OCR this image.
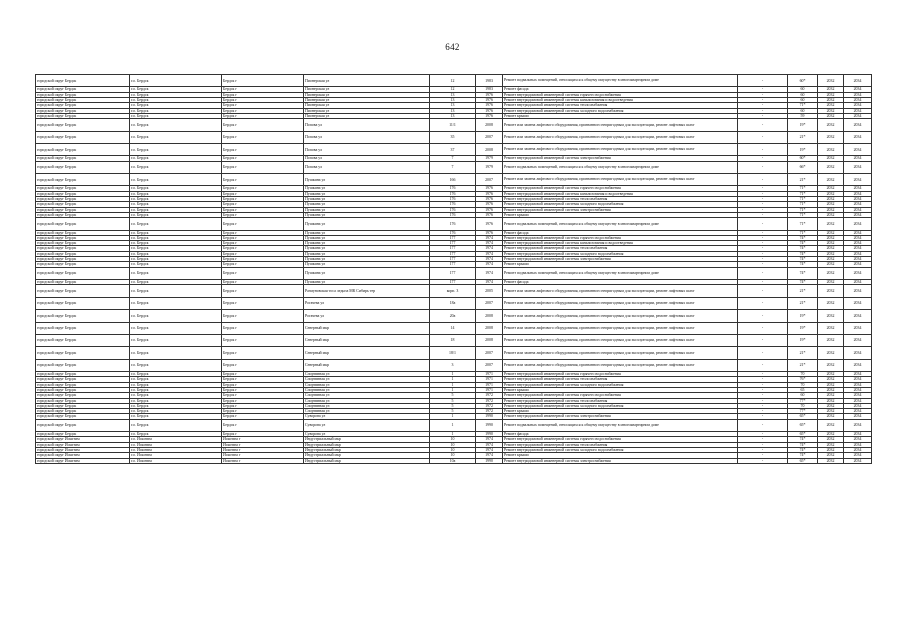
642
городской округ Бердск	г.о. Бердск	Бердск г	Пионерская ул	12	1983	Ремонт подвальных помещений, относящихся к общему имуществу в многоквартирном доме	-	60*	2032	2034
городской округ Бердск	г.о. Бердск	Бердск г	Пионерская ул	12	1983	Ремонт фасада	-	60	2032	2034
городской округ Бердск	г.о. Бердск	Бердск г	Пионерская ул	13	1976	Ремонт внутридомовой инженерной системы горячего водоснабжения	-	60	2032	2034
городской округ Бердск	г.о. Бердск	Бердск г	Пионерская ул	13	1976	Ремонт внутридомовой инженерной системы канализования и водоотведения	-	60	2032	2034
городской округ Бердск	г.о. Бердск	Бердск г	Пионерская ул	13	1976	Ремонт внутридомовой инженерной системы теплоснабжения	-	71*	2032	2034
городской округ Бердск	г.о. Бердск	Бердск г	Пионерская ул	13	1976	Ремонт внутридомовой инженерной системы холодного водоснабжения	-	60	2032	2034
городской округ Бердск	г.о. Бердск	Бердск г	Пионерская ул	13	1976	Ремонт крыши	-	59	2032	2034
городской округ Бердск	г.о. Бердск	Бердск г	Попова ул	11/1	2008	Ремонт или замена лифтового оборудования, признанного непригодным для эксплуатации, ремонт лифтовых шахт	-	19*	2032	2034
городской округ Бердск	г.о. Бердск	Бердск г	Попова ул	35	2007	Ремонт или замена лифтового оборудования, признанного непригодным для эксплуатации, ремонт лифтовых шахт	-	21*	2032	2034
городской округ Бердск	г.о. Бердск	Бердск г	Попова ул	37	2008	Ремонт или замена лифтового оборудования, признанного непригодным для эксплуатации, ремонт лифтовых шахт	-	19*	2032	2034
городской округ Бердск	г.о. Бердск	Бердск г	Попова ул	7	1979	Ремонт внутридомовой инженерной системы электроснабжения	-	60*	2032	2034
городской округ Бердск	г.о. Бердск	Бердск г	Попова ул	7	1979	Ремонт подвальных помещений, относящихся к общему имуществу в многоквартирном доме	-	66*	2032	2034
городской округ Бердск	г.о. Бердск	Бердск г	Пушкина ул	166	2007	Ремонт или замена лифтового оборудования, признанного непригодным для эксплуатации, ремонт лифтовых шахт	-	21*	2032	2034
городской округ Бердск	г.о. Бердск	Бердск г	Пушкина ул	176	1976	Ремонт внутридомовой инженерной системы горячего водоснабжения	-	71*	2032	2034
городской округ Бердск	г.о. Бердск	Бердск г	Пушкина ул	176	1976	Ремонт внутридомовой инженерной системы канализования и водоотведения	-	71*	2032	2034
городской округ Бердск	г.о. Бердск	Бердск г	Пушкина ул	176	1976	Ремонт внутридомовой инженерной системы теплоснабжения	-	71*	2032	2034
городской округ Бердск	г.о. Бердск	Бердск г	Пушкина ул	176	1976	Ремонт внутридомовой инженерной системы холодного водоснабжения	-	71*	2032	2034
городской округ Бердск	г.о. Бердск	Бердск г	Пушкина ул	176	1976	Ремонт внутридомовой инженерной системы электроснабжения	-	71*	2032	2034
городской округ Бердск	г.о. Бердск	Бердск г	Пушкина ул	176	1976	Ремонт крыши	-	71*	2032	2034
городской округ Бердск	г.о. Бердск	Бердск г	Пушкина ул	176	1976	Ремонт подвальных помещений, относящихся к общему имуществу в многоквартирном доме	-	71*	2032	2034
городской округ Бердск	г.о. Бердск	Бердск г	Пушкина ул	176	1976	Ремонт фасада	-	71*	2032	2034
городской округ Бердск	г.о. Бердск	Бердск г	Пушкина ул	177	1974	Ремонт внутридомовой инженерной системы горячего водоснабжения	-	74*	2032	2034
городской округ Бердск	г.о. Бердск	Бердск г	Пушкина ул	177	1974	Ремонт внутридомовой инженерной системы канализования и водоотведения	-	74*	2032	2034
городской округ Бердск	г.о. Бердск	Бердск г	Пушкина ул	177	1974	Ремонт внутридомовой инженерной системы теплоснабжения	-	74*	2032	2034
городской округ Бердск	г.о. Бердск	Бердск г	Пушкина ул	177	1974	Ремонт внутридомовой инженерной системы холодного водоснабжения	-	74*	2032	2034
городской округ Бердск	г.о. Бердск	Бердск г	Пушкина ул	177	1974	Ремонт внутридомовой инженерной системы электроснабжения	-	74*	2032	2034
городской округ Бердск	г.о. Бердск	Бердск г	Пушкина ул	177	1974	Ремонт крыши	-	74*	2032	2034
городской округ Бердск	г.о. Бердск	Бердск г	Пушкина ул	177	1974	Ремонт подвальных помещений, относящихся к общему имуществу в многоквартирном доме	-	74*	2032	2034
городской округ Бердск	г.о. Бердск	Бердск г	Пушкина ул	177	1974	Ремонт фасада	-	74*	2032	2034
городской округ Бердск	г.о. Бердск	Бердск г	Размуновская тоса ледыза МК Сибирь тер	корп. 3	2005	Ремонт или замена лифтового оборудования, признанного непригодным для эксплуатации, ремонт лифтовых шахт	-	21*	2032	2034
городской округ Бердск	г.о. Бердск	Бердск г	Рогачева ул	18а	2007	Ремонт или замена лифтового оборудования, признанного непригодным для эксплуатации, ремонт лифтовых шахт	-	21*	2032	2034
городской округ Бердск	г.о. Бердск	Бердск г	Рогачева ул	20а	2008	Ремонт или замена лифтового оборудования, признанного непригодным для эксплуатации, ремонт лифтовых шахт	-	19*	2032	2034
городской округ Бердск	г.о. Бердск	Бердск г	Северный мкр	14	2008	Ремонт или замена лифтового оборудования, признанного непригодным для эксплуатации, ремонт лифтовых шахт	-	19*	2032	2034
городской округ Бердск	г.о. Бердск	Бердск г	Северный мкр	18	2008	Ремонт или замена лифтового оборудования, признанного непригодным для эксплуатации, ремонт лифтовых шахт	-	19*	2032	2034
городской округ Бердск	г.о. Бердск	Бердск г	Северный мкр	18/1	2007	Ремонт или замена лифтового оборудования, признанного непригодным для эксплуатации, ремонт лифтовых шахт	-	21*	2032	2034
городской округ Бердск	г.о. Бердск	Бердск г	Северный мкр	3	2007	Ремонт или замена лифтового оборудования, признанного непригодным для эксплуатации, ремонт лифтовых шахт	-	21*	2032	2034
городской округ Бердск	г.о. Бердск	Бердск г	Спортивная ул	1	1971	Ремонт внутридомовой инженерной системы горячего водоснабжения	-	70	2032	2034
городской округ Бердск	г.о. Бердск	Бердск г	Спортивная ул	1	1971	Ремонт внутридомовой инженерной системы теплоснабжения	-	76*	2032	2034
городской округ Бердск	г.о. Бердск	Бердск г	Спортивная ул	1	1971	Ремонт внутридомовой инженерной системы холодного водоснабжения	-	70	2032	2034
городской округ Бердск	г.о. Бердск	Бердск г	Спортивная ул	1	1971	Ремонт крыши	-	65	2032	2034
городской округ Бердск	г.о. Бердск	Бердск г	Спортивная ул	5	1972	Ремонт внутридомовой инженерной системы горячего водоснабжения	-	60	2032	2034
городской округ Бердск	г.о. Бердск	Бердск г	Спортивная ул	5	1972	Ремонт внутридомовой инженерной системы теплоснабжения	-	77*	2032	2034
городской округ Бердск	г.о. Бердск	Бердск г	Спортивная ул	5	1972	Ремонт внутридомовой инженерной системы холодного водоснабжения	-	70	2032	2034
городской округ Бердск	г.о. Бердск	Бердск г	Спортивная ул	5	1972	Ремонт крыши	-	77*	2032	2034
городской округ Бердск	г.о. Бердск	Бердск г	Суворова ул	1	1990	Ремонт внутридомовой инженерной системы электроснабжения	-	65*	2032	2034
городской округ Бердск	г.о. Бердск	Бердск г	Суворова ул	1	1990	Ремонт подвальных помещений, относящихся к общему имуществу в многоквартирном доме	-	65*	2032	2034
городской округ Бердск	г.о. Бердск	Бердск г	Суворова ул	1	1990	Ремонт фасада	-	65*	2032	2034
городской округ Искитим	г.о. Искитим	Искитим г	Индустриальный мкр	10	1974	Ремонт внутридомовой инженерной системы горячего водоснабжения	-	74*	2032	2034
городской округ Искитим	г.о. Искитим	Искитим г	Индустриальный мкр	10	1974	Ремонт внутридомовой инженерной системы теплоснабжения	-	74*	2032	2034
городской округ Искитим	г.о. Искитим	Искитим г	Индустриальный мкр	10	1974	Ремонт внутридомовой инженерной системы холодного водоснабжения	-	74*	2032	2034
городской округ Искитим	г.о. Искитим	Искитим г	Индустриальный мкр	10	1974	Ремонт крыши	-	74*	2032	2034
городской округ Искитим	г.о. Искитим	Искитим г	Индустриальный мкр	10а	1990	Ремонт внутридомовой инженерной системы электроснабжения	-	65*	2032	2034
